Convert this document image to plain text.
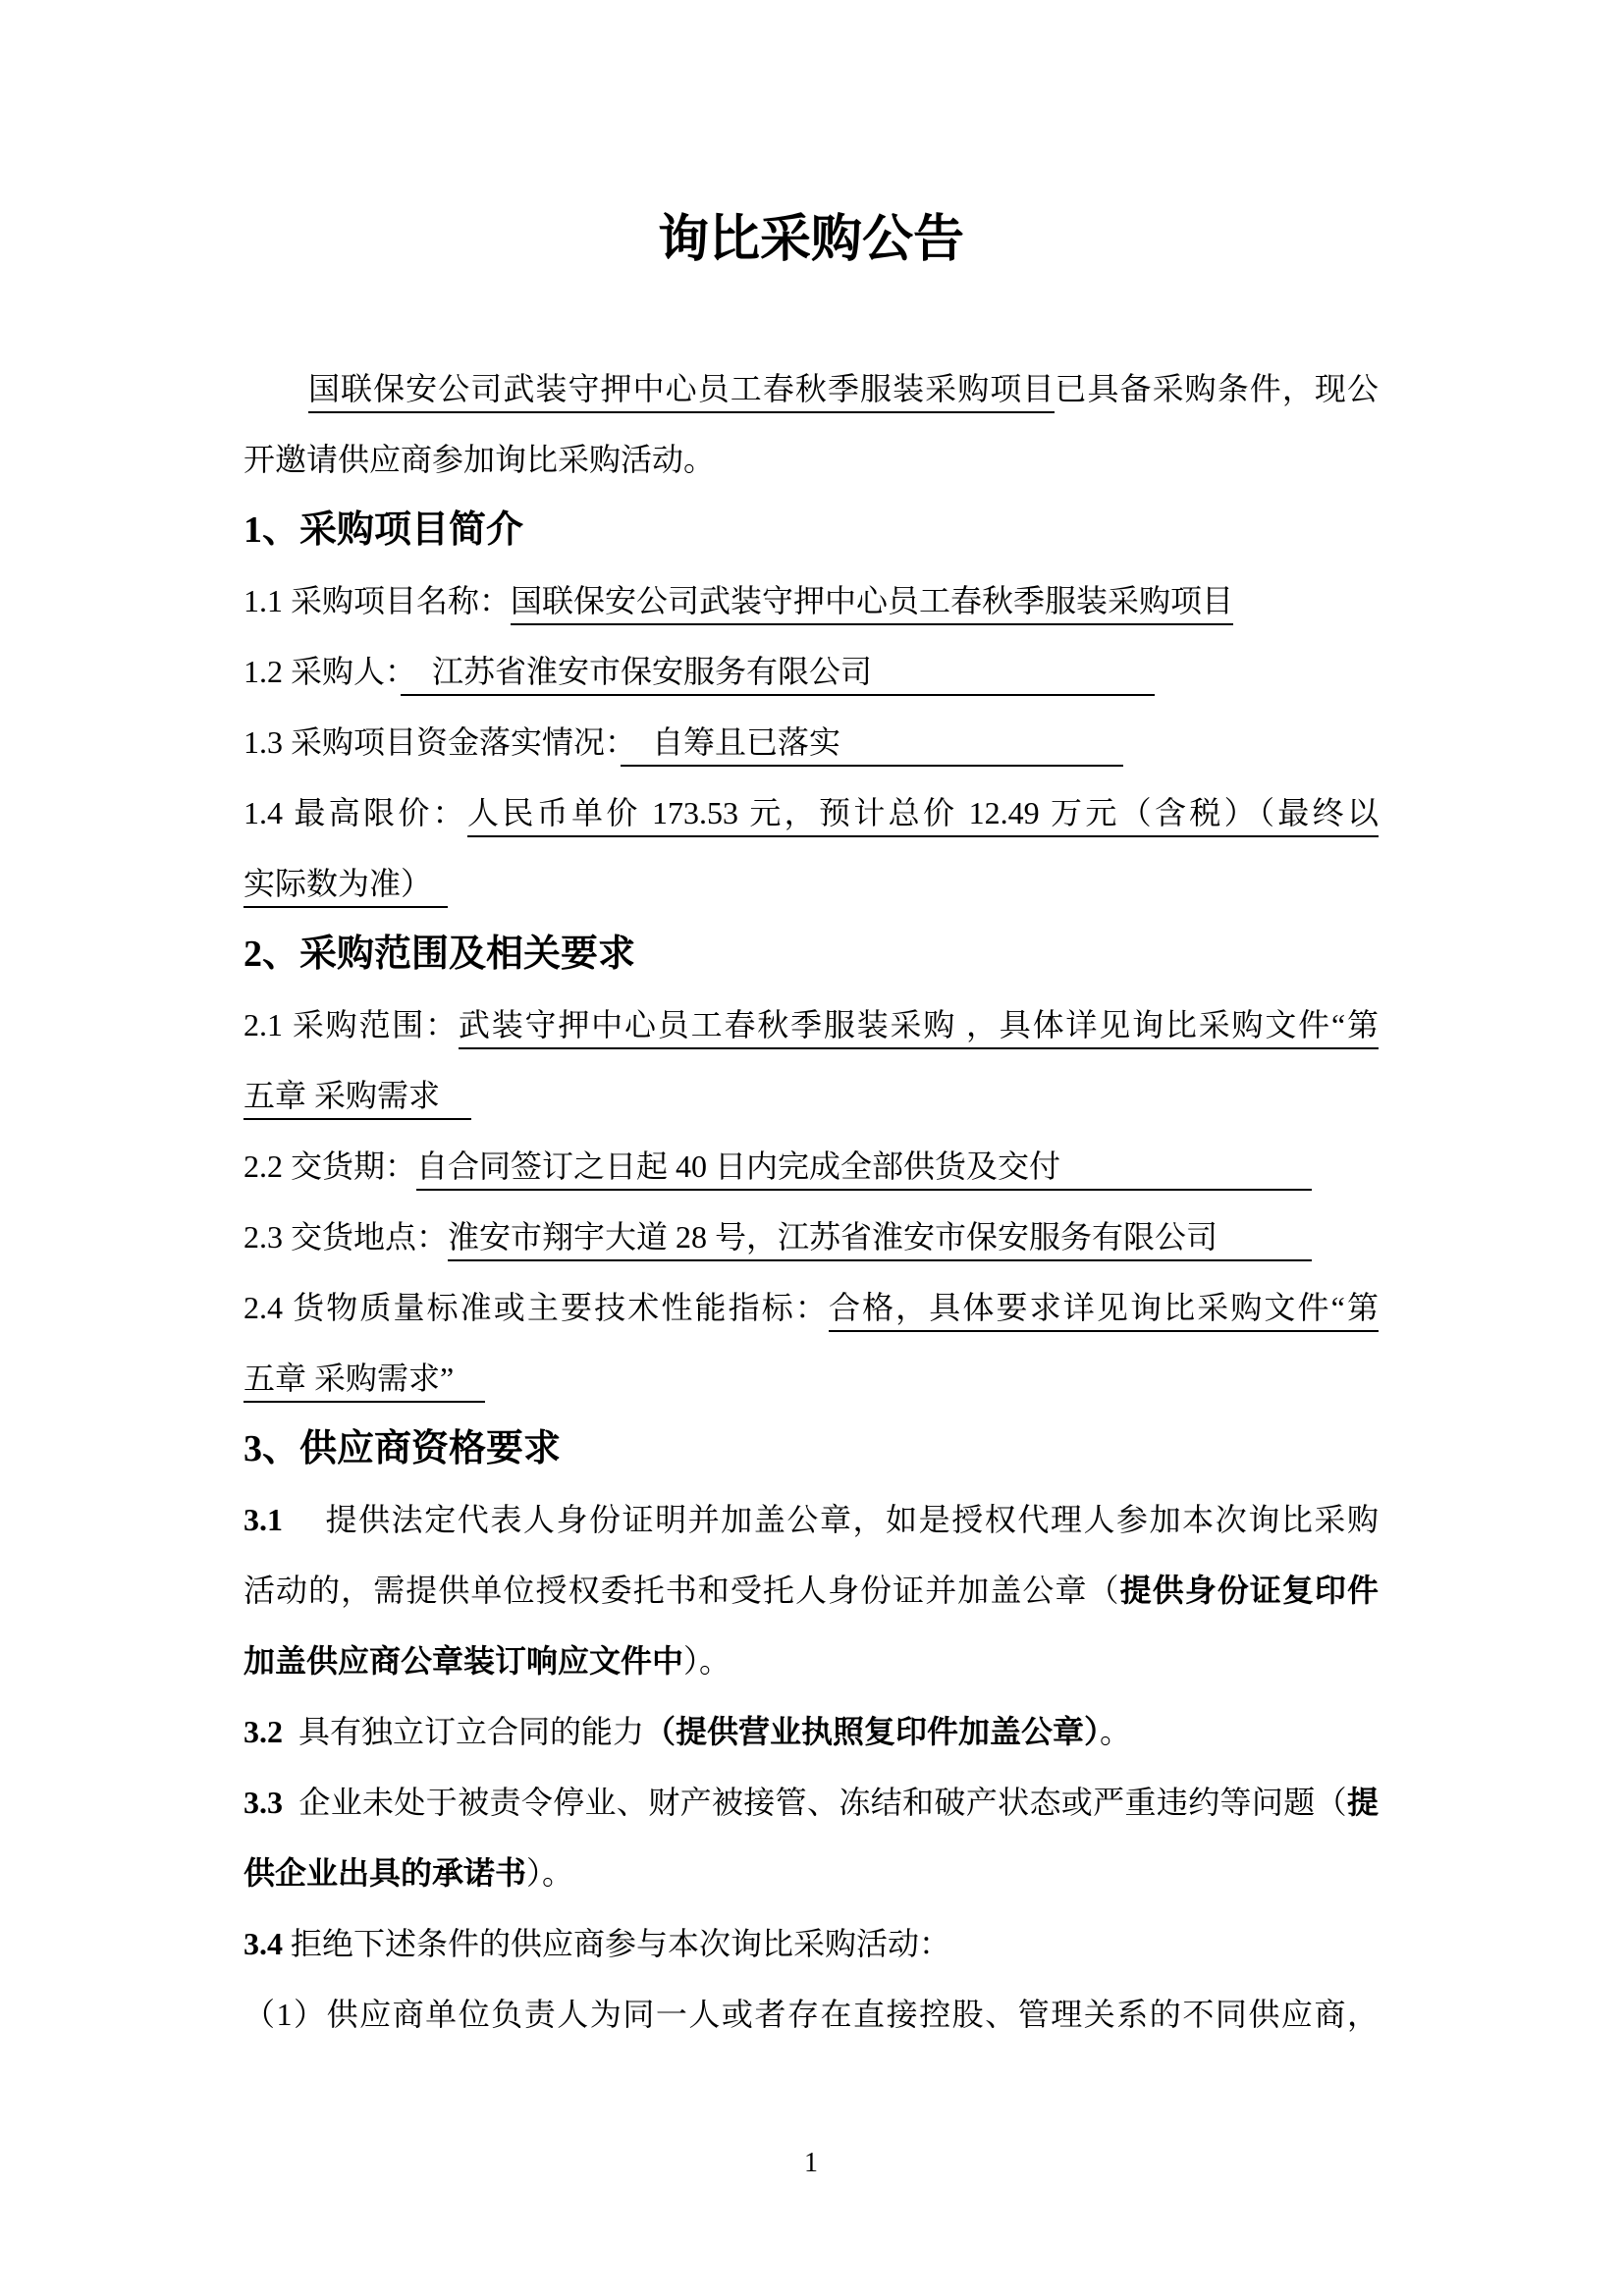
询比采购公告
国联保安公司武装守押中心员工春秋季服装采购项目已具备采购条件，现公
开邀请供应商参加询比采购活动。
1、采购项目简介
1.1 采购项目名称：国联保安公司武装守押中心员工春秋季服装采购项目
1.2 采购人：　江苏省淮安市保安服务有限公司　　　　　　　　　
1.3 采购项目资金落实情况：　自筹且已落实　　　　　　　　　
1.4 最高限价：人民币单价 173.53 元，预计总价 12.49 万元（含税）（最终以
实际数为准）　
2、采购范围及相关要求
2.1 采购范围：武装守押中心员工春秋季服装采购 ，具体详见询比采购文件“第
五章 采购需求　
2.2 交货期：自合同签订之日起 40 日内完成全部供货及交付　　　　　　　　
2.3 交货地点：淮安市翔宇大道 28 号，江苏省淮安市保安服务有限公司　　　
2.4 货物质量标准或主要技术性能指标：合格，具体要求详见询比采购文件“第
五章 采购需求”　
3、供应商资格要求
3.1 提供法定代表人身份证明并加盖公章，如是授权代理人参加本次询比采购
活动的，需提供单位授权委托书和受托人身份证并加盖公章（提供身份证复印件
加盖供应商公章装订响应文件中）。
3.2 具有独立订立合同的能力（提供营业执照复印件加盖公章）。
3.3 企业未处于被责令停业、财产被接管、冻结和破产状态或严重违约等问题（提
供企业出具的承诺书）。
3.4 拒绝下述条件的供应商参与本次询比采购活动：
（1）供应商单位负责人为同一人或者存在直接控股、管理关系的不同供应商，
1
